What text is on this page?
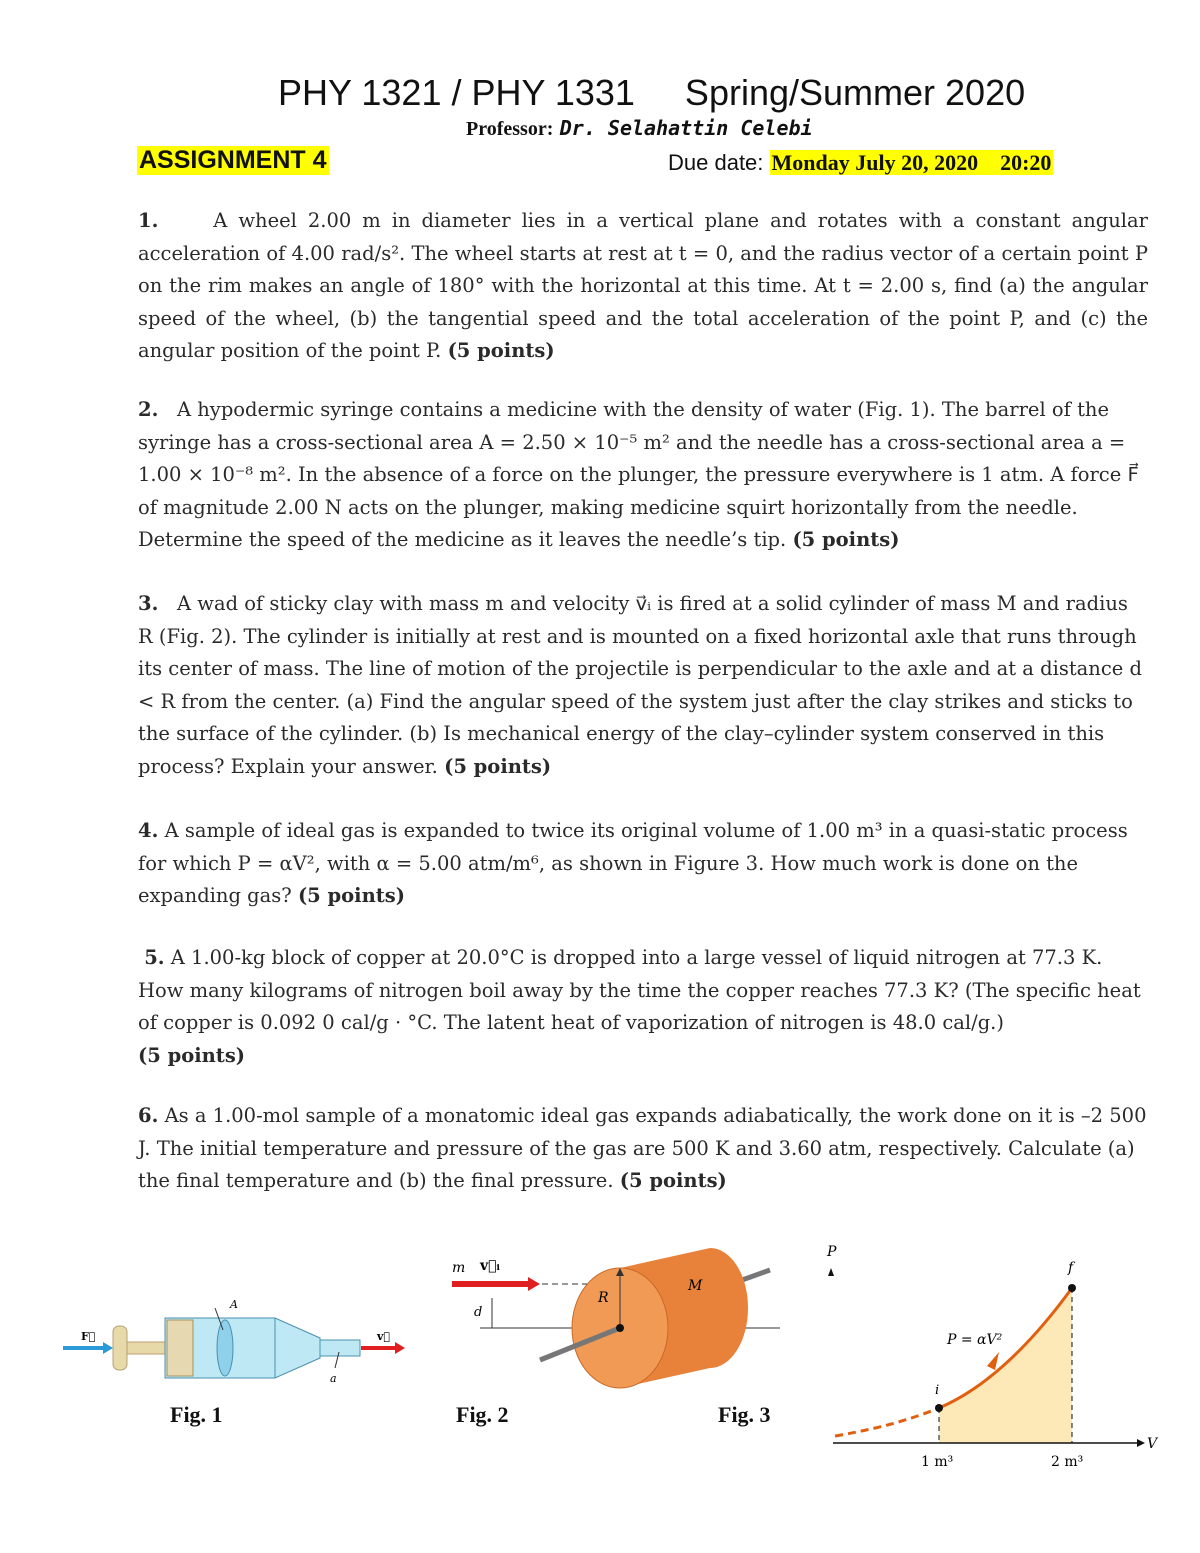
PHY 1321 / PHY 1331     Spring/Summer 2020
Professor: Dr. Selahattin Celebi
ASSIGNMENT 4	Due date: Monday July 20, 2020    20:20
1.	A wheel 2.00 m in diameter lies in a vertical plane and rotates with a constant angular acceleration of 4.00 rad/s². The wheel starts at rest at t = 0, and the radius vector of a certain point P on the rim makes an angle of 180° with the horizontal at this time. At t = 2.00 s, find (a) the angular speed of the wheel, (b) the tangential speed and the total acceleration of the point P, and (c) the angular position of the point P. (5 points)
2. A hypodermic syringe contains a medicine with the density of water (Fig. 1). The barrel of the syringe has a cross-sectional area A = 2.50 × 10⁻⁵ m² and the needle has a cross-sectional area a = 1.00 × 10⁻⁸ m². In the absence of a force on the plunger, the pressure everywhere is 1 atm. A force F⃗ of magnitude 2.00 N acts on the plunger, making medicine squirt horizontally from the needle. Determine the speed of the medicine as it leaves the needle’s tip. (5 points)
3. A wad of sticky clay with mass m and velocity v⃗ᵢ is fired at a solid cylinder of mass M and radius R (Fig. 2). The cylinder is initially at rest and is mounted on a fixed horizontal axle that runs through its center of mass. The line of motion of the projectile is perpendicular to the axle and at a distance d < R from the center. (a) Find the angular speed of the system just after the clay strikes and sticks to the surface of the cylinder. (b) Is mechanical energy of the clay–cylinder system conserved in this process? Explain your answer. (5 points)
4. A sample of ideal gas is expanded to twice its original volume of 1.00 m³ in a quasi-static process for which P = αV², with α = 5.00 atm/m⁶, as shown in Figure 3. How much work is done on the expanding gas? (5 points)
5. A 1.00-kg block of copper at 20.0°C is dropped into a large vessel of liquid nitrogen at 77.3 K. How many kilograms of nitrogen boil away by the time the copper reaches 77.3 K? (The specific heat of copper is 0.092 0 cal/g · °C. The latent heat of vaporization of nitrogen is 48.0 cal/g.)
(5 points)
6. As a 1.00-mol sample of a monatomic ideal gas expands adiabatically, the work done on it is –2 500 J. The initial temperature and pressure of the gas are 500 K and 3.60 atm, respectively. Calculate (a) the final temperature and (b) the final pressure. (5 points)
F⃗
A
a
v⃗
m v⃗ᵢ
d
R
M
P
V
i
f
P = αV²
1 m³	2 m³
Fig. 1	Fig. 2	Fig. 3
